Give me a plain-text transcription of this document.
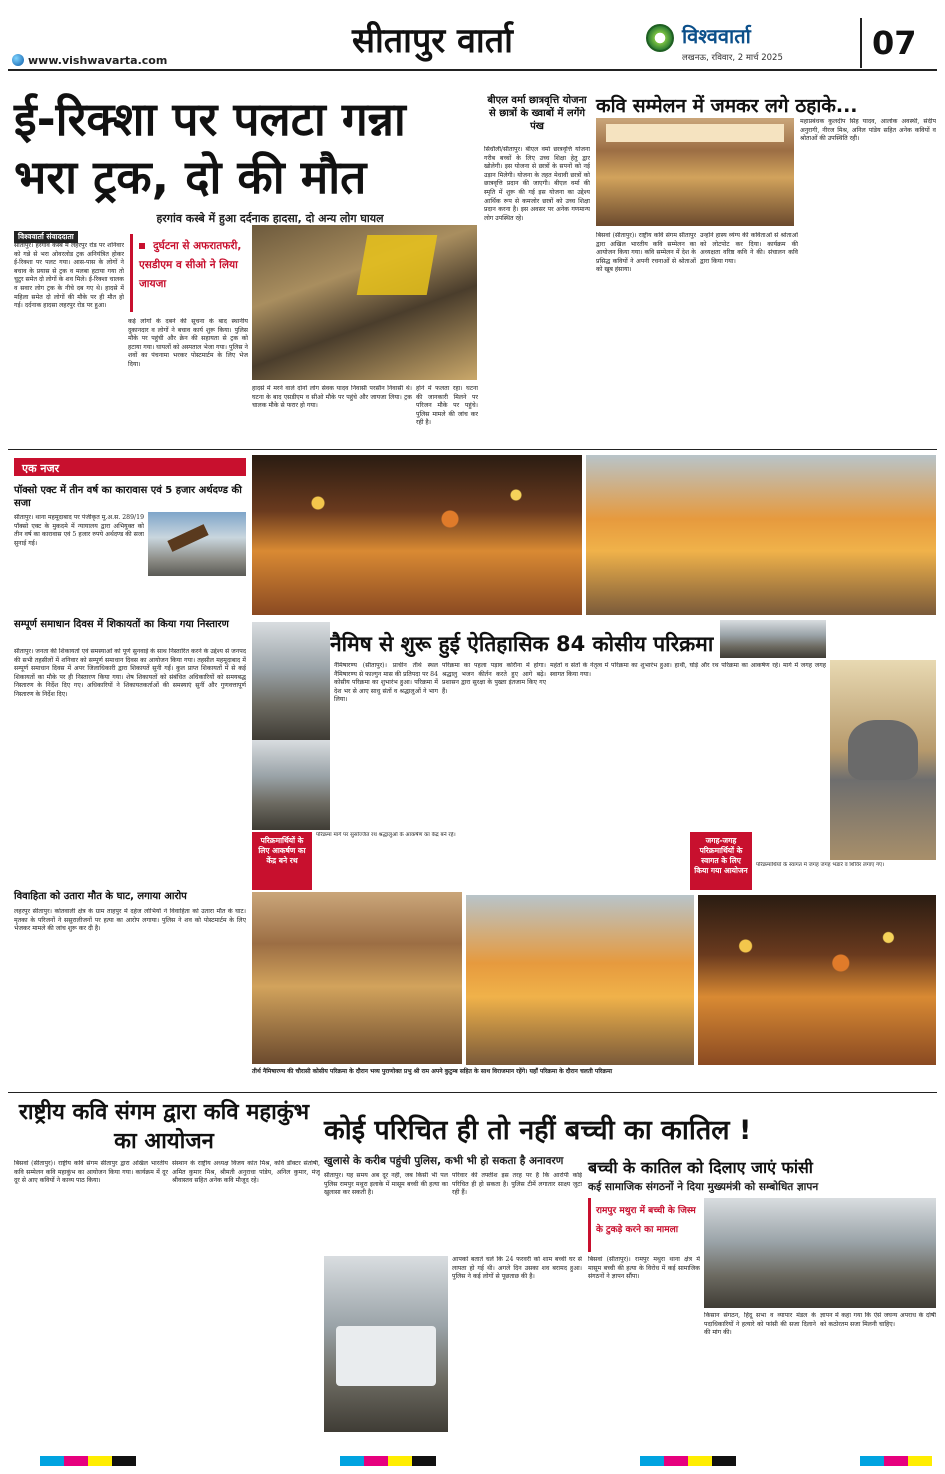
www.vishwavarta.com	सीतापुर वार्ता	विश्ववार्ता
लखनऊ, रविवार, 2 मार्च 2025	07
ई-रिक्शा पर पलटा गन्ना भरा ट्रक, दो की मौत
हरगांव कस्बे में हुआ दर्दनाक हादसा, दो अन्य लोग घायल
विश्ववार्ता संवाददाता
सीतापुर। हरगांव कस्बे में लहरपुर रोड पर शनिवार को गन्ने से भरा ओवरलोड ट्रक अनियंत्रित होकर ई-रिक्शा पर पलट गया। आस-पास के लोगों ने बचाव के प्रयास से ट्रक व मलबा हटाया गया तो चुटुर समेत दो लोगों के शव मिले। ई-रिक्शा चालक व सवार लोग ट्रक के नीचे दब गए थे। हादसे में महिला समेत दो लोगों की मौके पर ही मौत हो गई। दर्दनाक हादसा लहरपुर रोड पर हुआ।
कई लोगों के दबने की सूचना के बाद स्थानीय दुकानदार व लोगों ने बचाव कार्य शुरू किया। पुलिस मौके पर पहुंची और क्रेन की सहायता से ट्रक को हटाया गया। घायलों को अस्पताल भेजा गया। पुलिस ने शवों का पंचनामा भरकर पोस्टमार्टम के लिए भेज दिया।
दुर्घटना से अफरातफरी, एसडीएम व सीओ ने लिया जायजा
हादसे में मरने वाले दोनों लोग सेवक यादव निवासी परसौन निवासी थे। घटना के बाद एसडीएम व सीओ मौके पर पहुंचे और जायजा लिया। ट्रक चालक मौके से फरार हो गया।
होने में फलता रहा। घटना की जानकारी मिलने पर परिजन मौके पर पहुंचे। पुलिस मामले की जांच कर रही है।
बीएल वर्मा छात्रवृत्ति योजना से छात्रों के ख्वाबों में लगेंगे पंख
सिधौली/सीतापुर। बीएल वर्मा छात्रवृत्ति योजना गरीब बच्चों के लिए उच्च शिक्षा हेतु द्वार खोलेगी। इस योजना से छात्रों के सपनों को नई उड़ान मिलेगी। योजना के तहत मेधावी छात्रों को छात्रवृत्ति प्रदान की जाएगी। बीएल वर्मा की स्मृति में शुरू की गई इस योजना का उद्देश्य आर्थिक रूप से कमजोर छात्रों को उच्च शिक्षा प्रदान करना है। इस अवसर पर अनेक गणमान्य लोग उपस्थित रहे।
कवि सम्मेलन में जमकर लगे ठहाके...
बिसवां (सीतापुर)। राष्ट्रीय कवि संगम सीतापुर द्वारा अखिल भारतीय कवि सम्मेलन का आयोजन किया गया। कवि सम्मेलन में देश के प्रसिद्ध कवियों ने अपनी रचनाओं से श्रोताओं को खूब हंसाया।
उन्होंने हास्य व्यंग्य की कविताओं से श्रोताओं को लोटपोट कर दिया। कार्यक्रम की अध्यक्षता वरिष्ठ कवि ने की। संचालन कवि द्वारा किया गया।
महाप्रबंधक कुलदीप सिंह यादव, आलोक अवस्थी, संदीप अनुरागी, नीरज मिश्र, अनिल पांडेय सहित अनेक कवियों व श्रोताओं की उपस्थिति रही।
एक नजर
पॉक्सो एक्ट में तीन वर्ष का कारावास एवं 5 हजार अर्थदण्ड की सजा
सीतापुर। थाना महमूदाबाद पर पंजीकृत मु.अ.स. 289/19 पॉक्सो एक्ट के मुकदमे में न्यायालय द्वारा अभियुक्त को तीन वर्ष का कारावास एवं 5 हजार रुपये अर्थदण्ड की सजा सुनाई गई।
सम्पूर्ण समाधान दिवस में शिकायतों का किया गया निस्तारण
सीतापुर। जनता की शिकायतों एवं समस्याओं को पूर्ण सुनवाई के साथ निस्तारित करने के उद्देश्य से जनपद की सभी तहसीलों में शनिवार को सम्पूर्ण समाधान दिवस का आयोजन किया गया। तहसील महमूदाबाद में सम्पूर्ण समाधान दिवस में अपर जिलाधिकारी द्वारा शिकायतें सुनी गईं। कुल प्राप्त शिकायतों में से कई शिकायतों का मौके पर ही निस्तारण किया गया। शेष शिकायतों को संबंधित अधिकारियों को समयबद्ध निस्तारण के निर्देश दिए गए। अधिकारियों ने शिकायतकर्ताओं की समस्याएं सुनीं और गुणवत्तापूर्ण निस्तारण के निर्देश दिए।
विवाहिता को उतारा मौत के घाट, लगाया आरोप
लहरपुर सीतापुर। कोतवाली क्षेत्र के ग्राम ताहपुर में दहेज लोभियों ने विवाहिता को उतारा मौत के घाट। मृतका के परिजनों ने ससुरालीजनों पर हत्या का आरोप लगाया। पुलिस ने शव को पोस्टमार्टम के लिए भेजकर मामले की जांच शुरू कर दी है।
नैमिष से शुरू हुई ऐतिहासिक 84 कोसीय परिक्रमा
नैमिषारण्य (सीतापुर)। प्राचीन तीर्थ स्थल नैमिषारण्य से फाल्गुन मास की प्रतिपदा पर 84 कोसीय परिक्रमा का शुभारंभ हुआ। परिक्रमा में देश भर से आए साधु संतों व श्रद्धालुओं ने भाग लिया।
परिक्रमा का पहला पड़ाव कोरौना में होगा। श्रद्धालु भजन कीर्तन करते हुए आगे बढ़े। प्रशासन द्वारा सुरक्षा के पुख्ता इंतजाम किए गए हैं।
महंतों व संतों के नेतृत्व में परिक्रमा का शुभारंभ हुआ। हाथी, घोड़े और रथ परिक्रमा का आकर्षण रहे। मार्ग में जगह जगह स्वागत किया गया।
परिक्रमार्थियों के लिए आकर्षण का केंद्र बने रथ
परिक्रमा मार्ग पर सुसज्जित रथ श्रद्धालुओं के आकर्षण का केंद्र बने रहे।
जगह-जगह परिक्रमार्थियों के स्वागत के लिए किया गया आयोजन
परिक्रमार्थियों के स्वागत में जगह जगह भंडारे व शिविर लगाए गए।
तीर्थ नैमिषारण्य की चौरासी कोसीय परिक्रमा के दौरान भव्य पुराणोक्त प्रभु श्री राम अपने कुटुम्ब सहित के साथ विराजमान रहेंगे। यहाँ परिक्रमा के दौरान चलती परिक्रमा
राष्ट्रीय कवि संगम द्वारा कवि महाकुंभ का आयोजन
बिसवां (सीतापुर)। राष्ट्रीय कवि संगम सीतापुर द्वारा अखिल भारतीय कवि सम्मेलन कवि महाकुंभ का आयोजन किया गया। कार्यक्रम में दूर दूर से आए कवियों ने काव्य पाठ किया।
संस्थान के राष्ट्रीय अध्यक्ष विजय कांत मिश्र, कवि डॉक्टर संतोषी, अमित कुमार मिश्र, श्रीमती अनुराधा पांडेय, अनिल कुमार, मंजू श्रीवास्तव सहित अनेक कवि मौजूद रहे।
कोई परिचित ही तो नहीं बच्ची का कातिल !
खुलासे के करीब पहुंची पुलिस, कभी भी हो सकता है अनावरण
सीतापुर। यह समय अब दूर नहीं, जब किसी भी पल पुलिस रामपुर मथुरा इलाके में मासूम बच्ची की हत्या का खुलासा कर सकती है।
परिवार की तफ्तीश इस तरह पर है कि आरोपी कोई परिचित ही हो सकता है। पुलिस टीमें लगातार साक्ष्य जुटा रही हैं।
आपको बताते चलें कि 24 फरवरी को शाम बच्ची घर से लापता हो गई थी। अगले दिन उसका शव बरामद हुआ। पुलिस ने कई लोगों से पूछताछ की है।
बच्ची के कातिल को दिलाए जाएं फांसी
कई सामाजिक संगठनों ने दिया मुख्यमंत्री को सम्बोधित ज्ञापन
रामपुर मथुरा में बच्ची के जिस्म के टुकड़े करने का मामला
बिसवां (सीतापुर)। रामपुर मथुरा थाना क्षेत्र में मासूम बच्ची की हत्या के विरोध में कई सामाजिक संगठनों ने ज्ञापन सौंपा।
किसान संगठन, हिंदू सभा व व्यापार मंडल के पदाधिकारियों ने हत्यारे को फांसी की सजा दिलाने की मांग की।
ज्ञापन में कहा गया कि ऐसे जघन्य अपराध के दोषी को कठोरतम सजा मिलनी चाहिए।
